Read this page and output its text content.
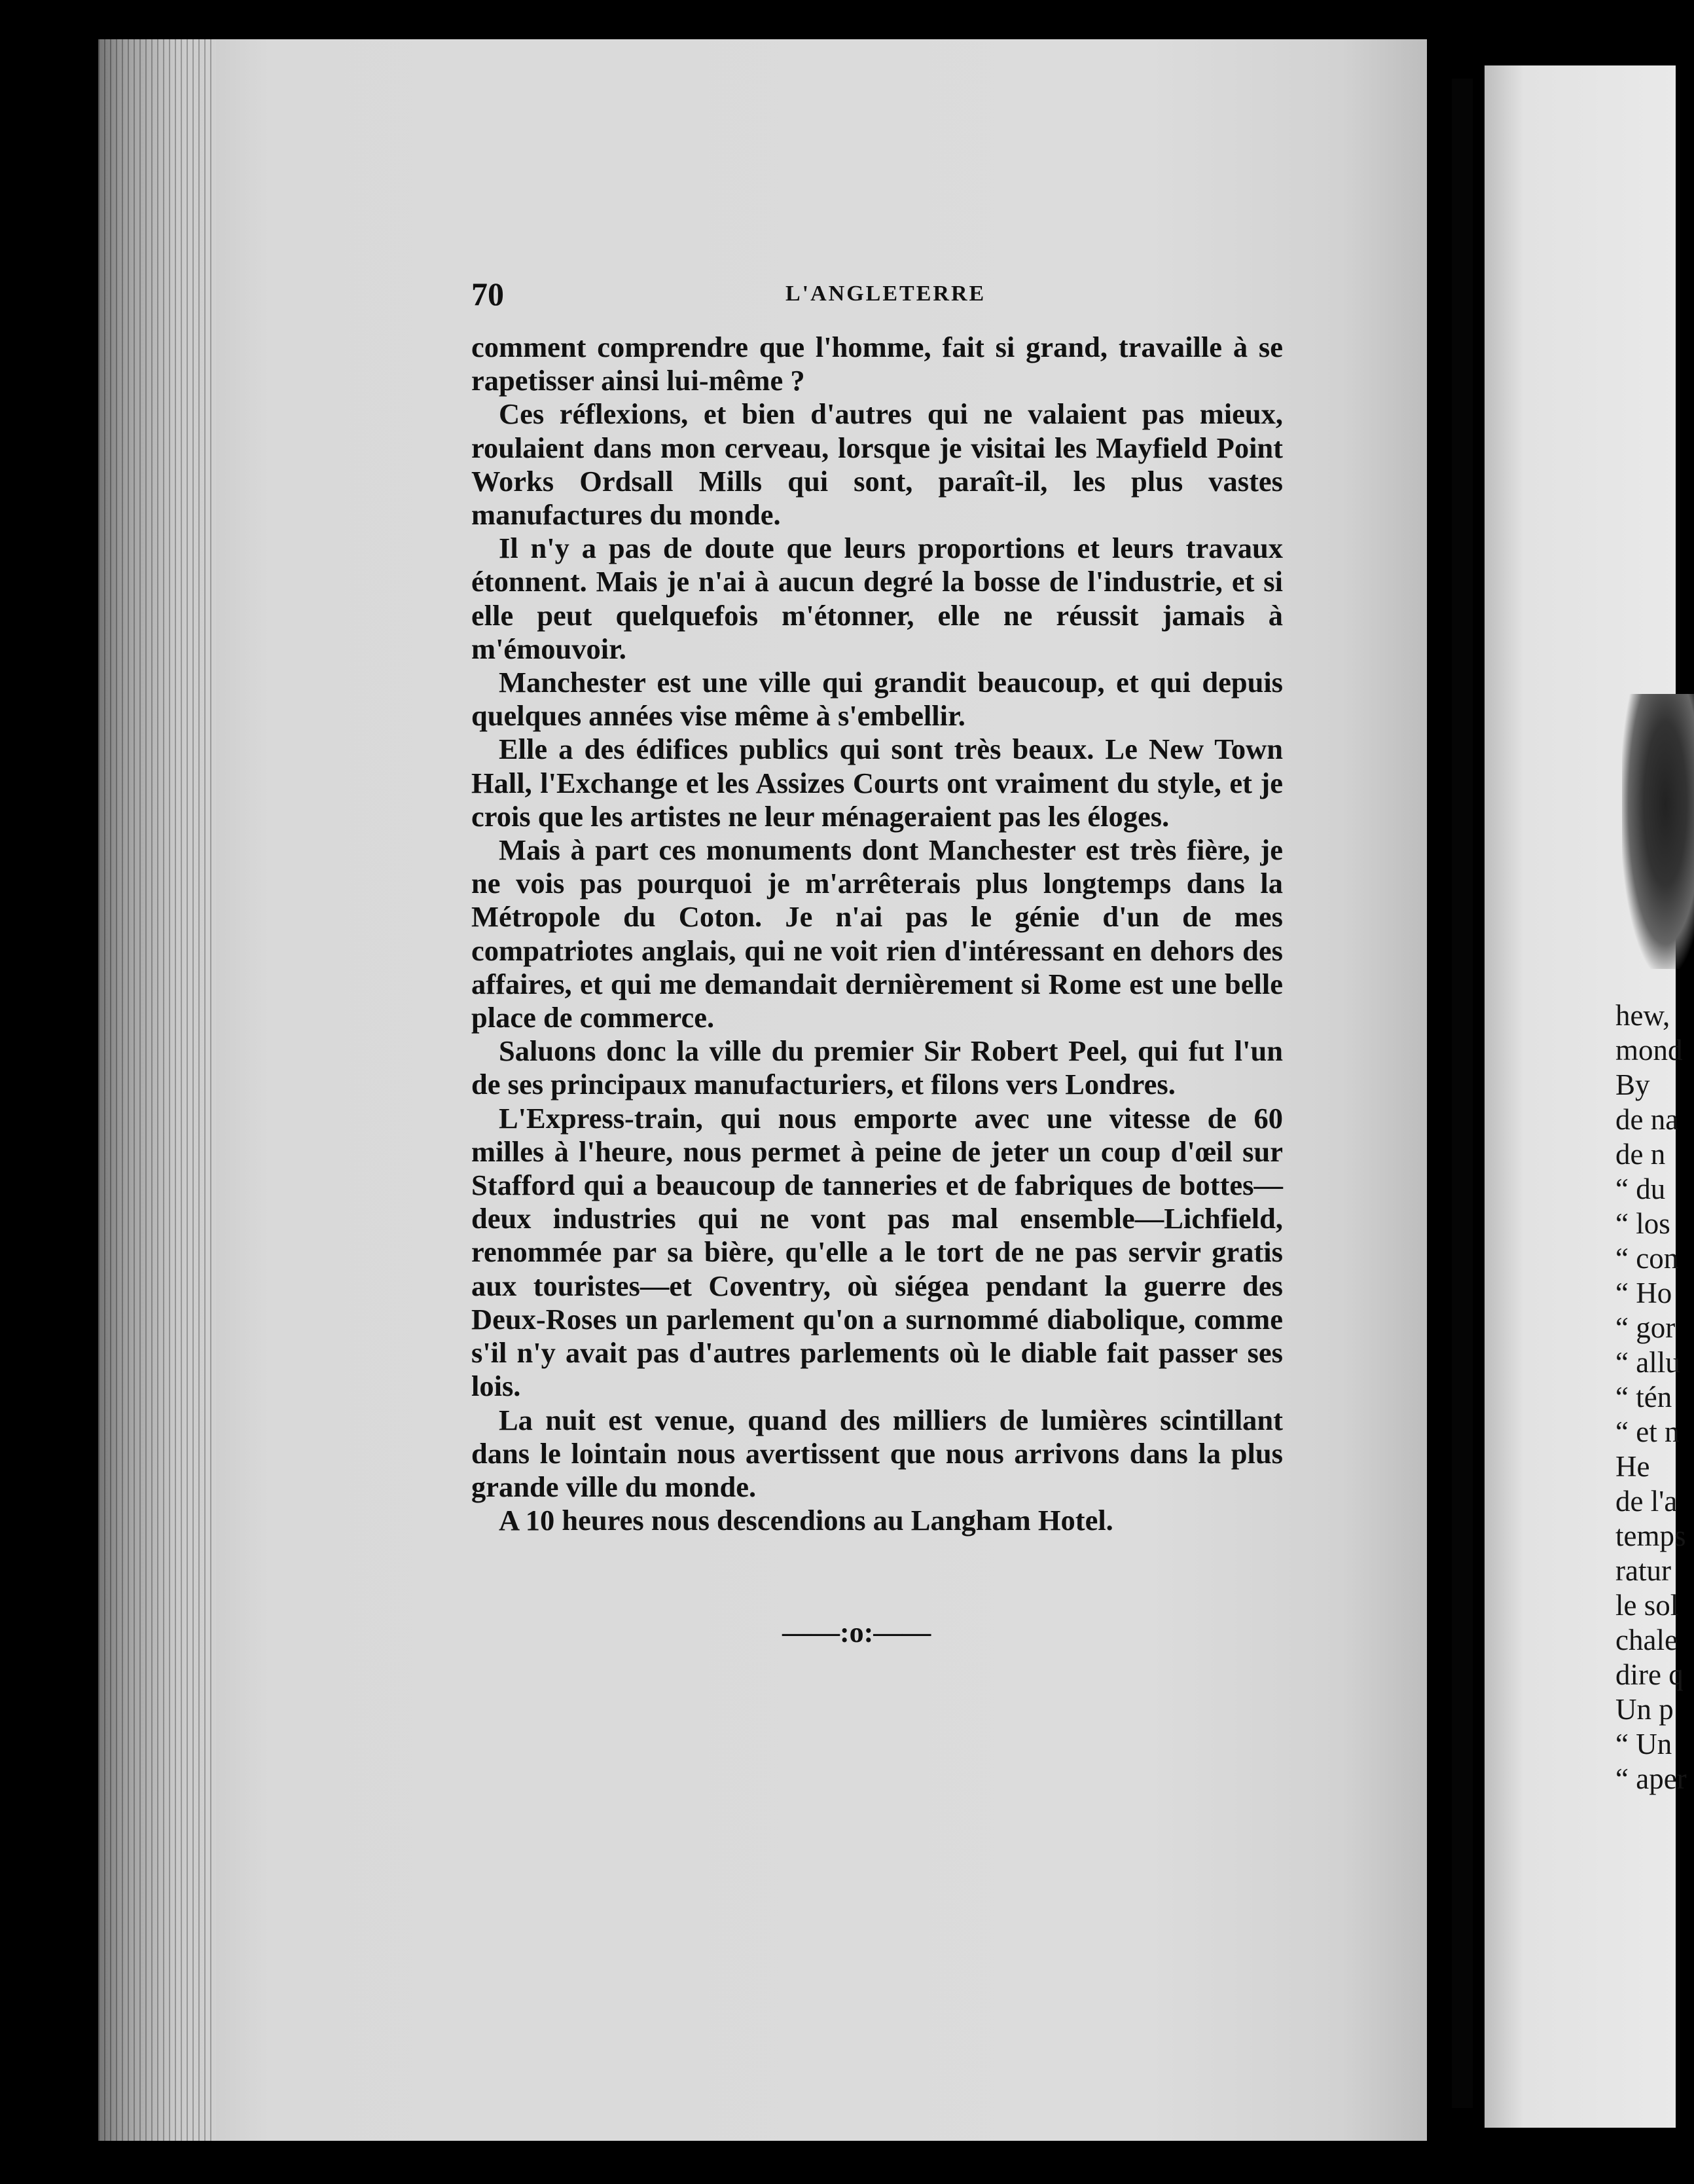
hew,
mond
By
de na
de n
“ du
“ los
“ con
“ Ho
“ gor
“ allu
“ tén
“ et n
He
de l'a
temps
ratur
le sol
chale
dire q
Un p
“ Un
“ aper
70	L'ANGLETERRE

comment comprendre que l'homme, fait si grand, travaille à se rapetisser ainsi lui-même ?

Ces réflexions, et bien d'autres qui ne valaient pas mieux, roulaient dans mon cerveau, lorsque je visitai les Mayfield Point Works Ordsall Mills qui sont, paraît-il, les plus vastes manufactures du monde.

Il n'y a pas de doute que leurs proportions et leurs travaux étonnent. Mais je n'ai à aucun degré la bosse de l'industrie, et si elle peut quelquefois m'étonner, elle ne réussit jamais à m'émouvoir.

Manchester est une ville qui grandit beaucoup, et qui depuis quelques années vise même à s'embellir.

Elle a des édifices publics qui sont très beaux. Le New Town Hall, l'Exchange et les Assizes Courts ont vraiment du style, et je crois que les artistes ne leur ménageraient pas les éloges.

Mais à part ces monuments dont Manchester est très fière, je ne vois pas pourquoi je m'arrêterais plus longtemps dans la Métropole du Coton. Je n'ai pas le génie d'un de mes compatriotes anglais, qui ne voit rien d'intéressant en dehors des affaires, et qui me demandait dernièrement si Rome est une belle place de commerce.

Saluons donc la ville du premier Sir Robert Peel, qui fut l'un de ses principaux manufacturiers, et filons vers Londres.

L'Express-train, qui nous emporte avec une vitesse de 60 milles à l'heure, nous permet à peine de jeter un coup d'œil sur Stafford qui a beaucoup de tanneries et de fabriques de bottes—deux industries qui ne vont pas mal ensemble—Lichfield, renommée par sa bière, qu'elle a le tort de ne pas servir gratis aux touristes—et Coventry, où siégea pendant la guerre des Deux-Roses un parlement qu'on a surnommé diabolique, comme s'il n'y avait pas d'autres parlements où le diable fait passer ses lois.

La nuit est venue, quand des milliers de lumières scintillant dans le lointain nous avertissent que nous arrivons dans la plus grande ville du monde.

A 10 heures nous descendions au Langham Hotel.

——:o:——
